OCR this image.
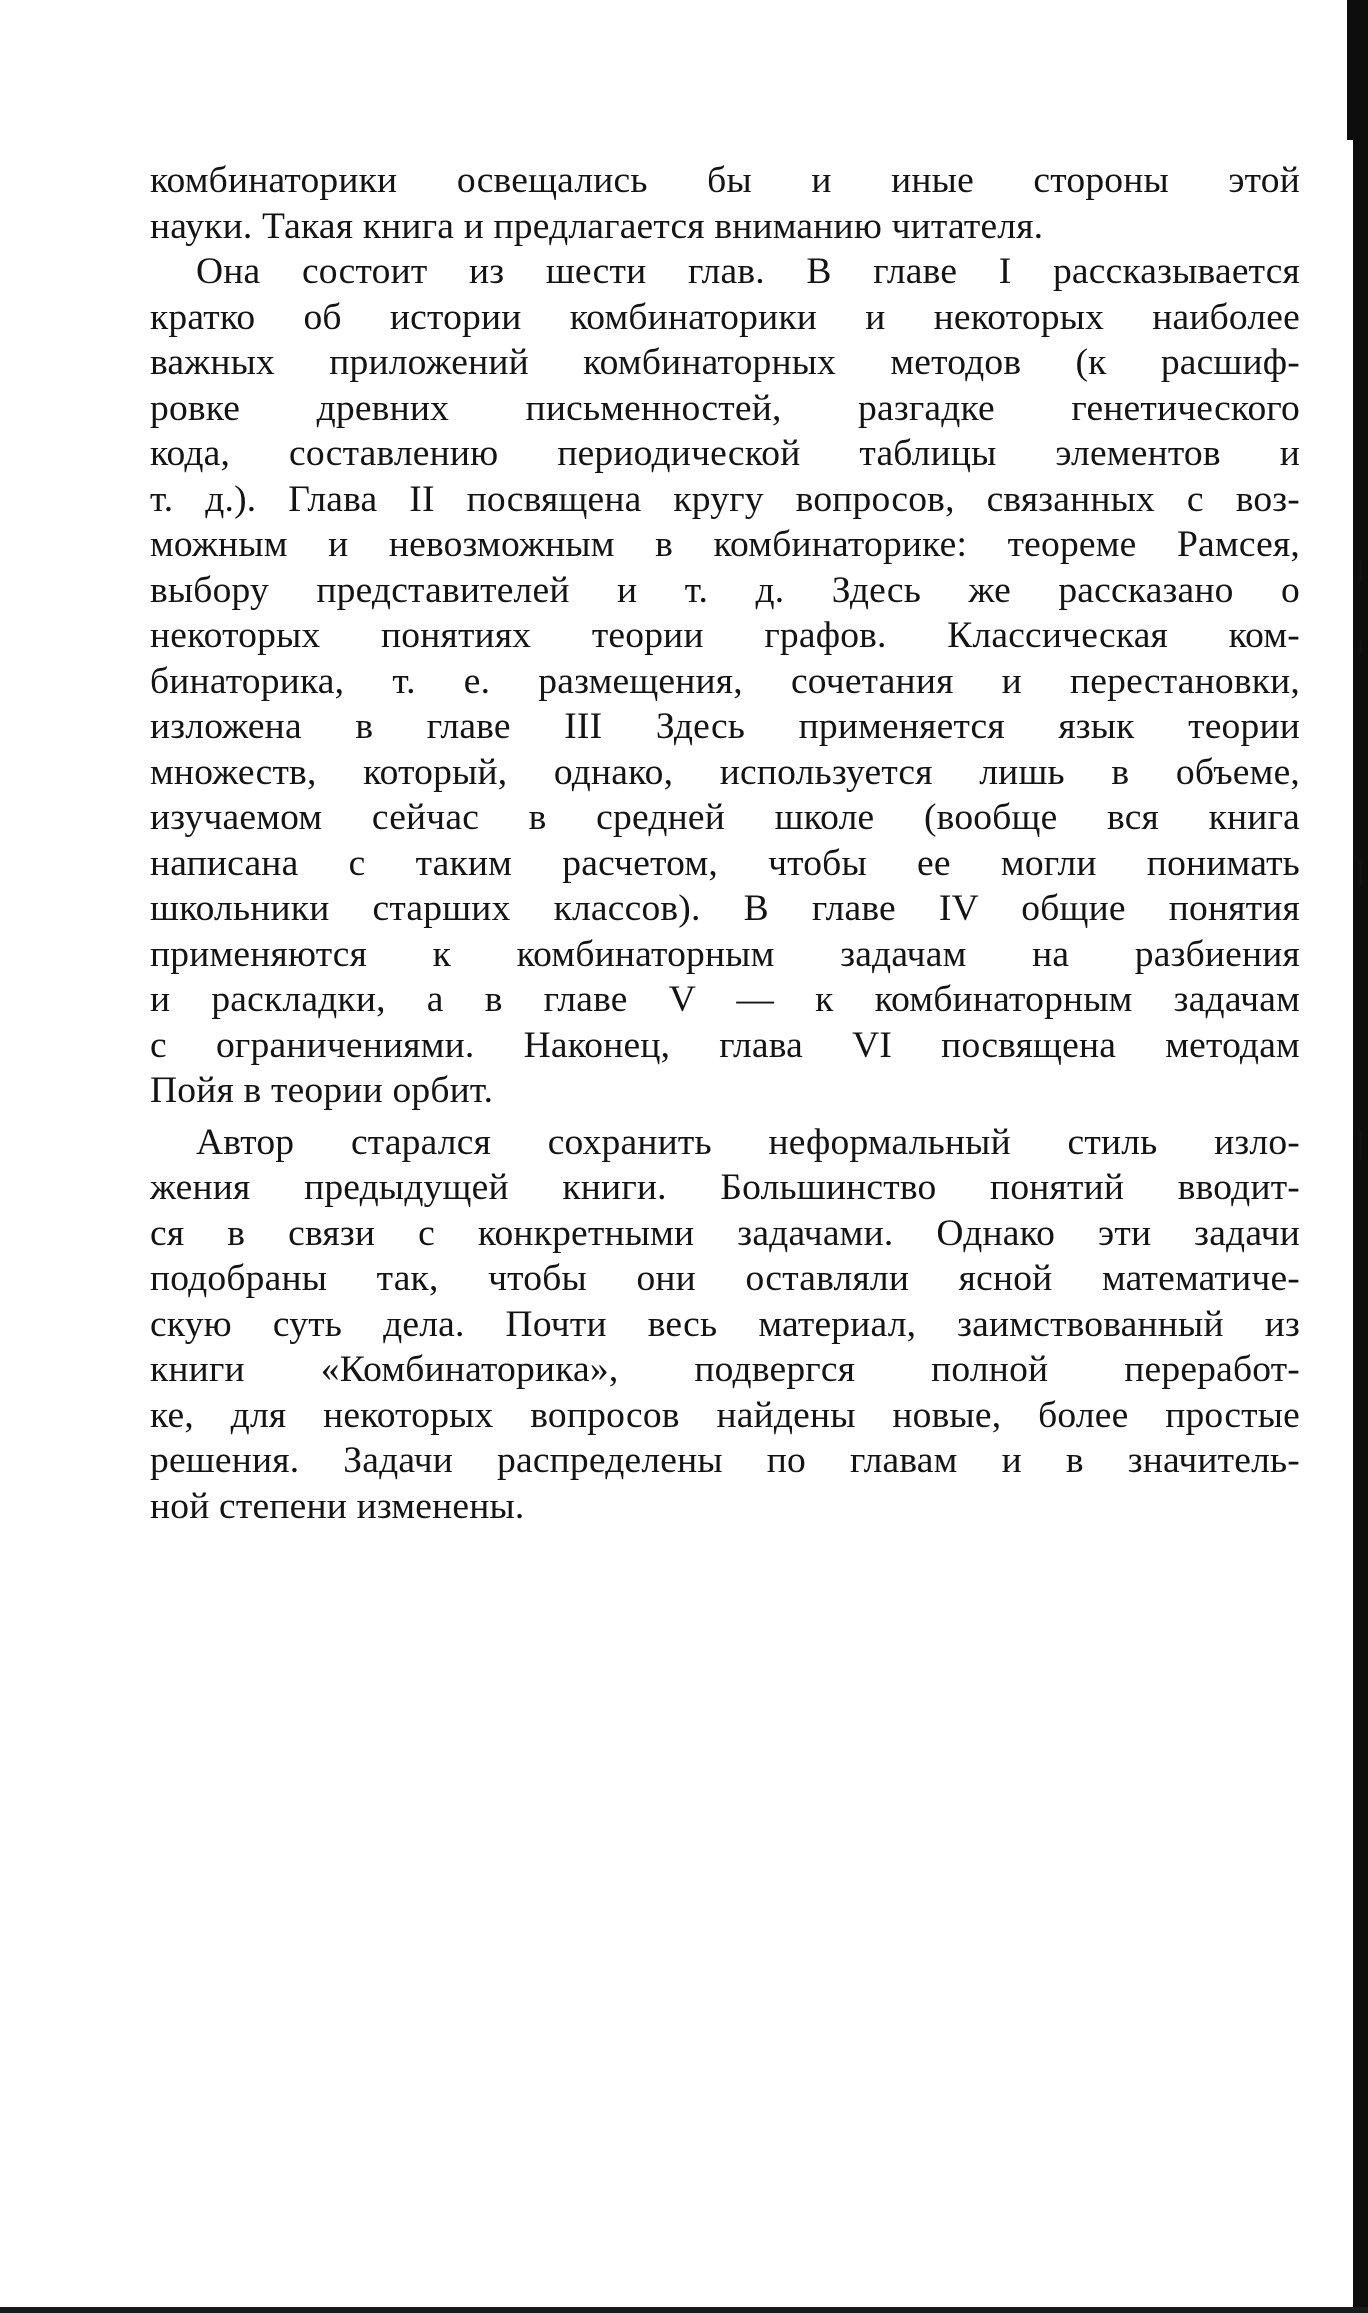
комбинаторики освещались бы и иные стороны этой
науки. Такая книга и предлагается вниманию читателя.
Она состоит из шести глав. В главе I рассказывается
кратко об истории комбинаторики и некоторых наиболее
важных приложений комбинаторных методов (к расшиф-
ровке древних письменностей, разгадке генетического
кода, составлению периодической таблицы элементов и
т. д.). Глава II посвящена кругу вопросов, связанных с воз-
можным и невозможным в комбинаторике: теореме Рамсея,
выбору представителей и т. д. Здесь же рассказано о
некоторых понятиях теории графов. Классическая ком-
бинаторика, т. е. размещения, сочетания и перестановки,
изложена в главе III Здесь применяется язык теории
множеств, который, однако, используется лишь в объеме,
изучаемом сейчас в средней школе (вообще вся книга
написана с таким расчетом, чтобы ее могли понимать
школьники старших классов). В главе IV общие понятия
применяются к комбинаторным задачам на разбиения
и раскладки, а в главе V — к комбинаторным задачам
с ограничениями. Наконец, глава VI посвящена методам
Пойя в теории орбит.
Автор старался сохранить неформальный стиль изло-
жения предыдущей книги. Большинство понятий вводит-
ся в связи с конкретными задачами. Однако эти задачи
подобраны так, чтобы они оставляли ясной математиче-
скую суть дела. Почти весь материал, заимствованный из
книги «Комбинаторика», подвергся полной переработ-
ке, для некоторых вопросов найдены новые, более простые
решения. Задачи распределены по главам и в значитель-
ной степени изменены.
